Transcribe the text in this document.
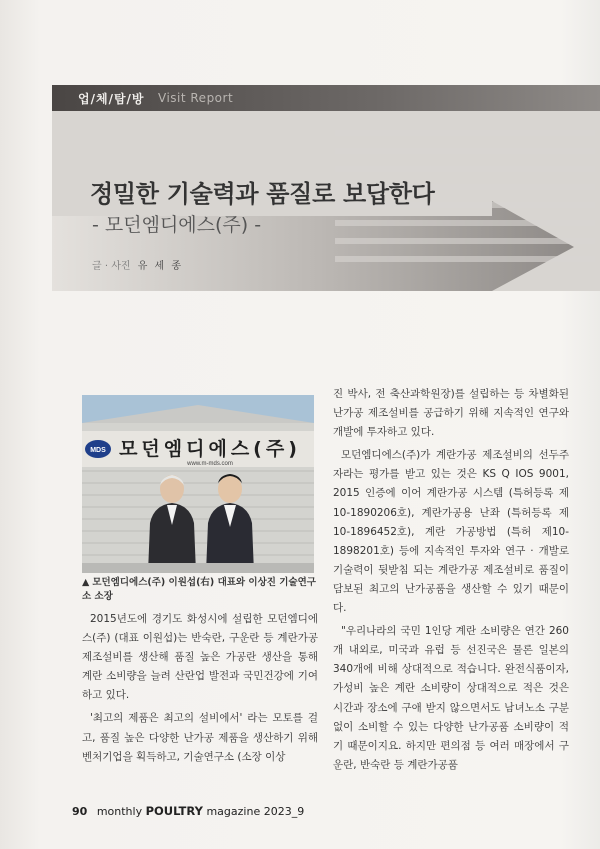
업/체/탐/방 Visit Report
정밀한 기술력과 품질로 보답한다
- 모던엠디에스(주) -
글 · 사진 유 세 종
MDS 모던엠디에스(주)
www.m-mds.com
▲ 모던엠디에스(주) 이원섭(右) 대표와 이상진 기술연구소 소장

2015년도에 경기도 화성시에 설립한 모던엠디에스(주) (대표 이원섭)는 반숙란, 구운란 등 계란가공 제조설비를 생산해 품질 높은 가공란 생산을 통해 계란 소비량을 늘려 산란업 발전과 국민건강에 기여하고 있다.

'최고의 제품은 최고의 설비에서' 라는 모토를 걸고, 품질 높은 다양한 난가공 제품을 생산하기 위해 벤처기업을 획득하고, 기술연구소 (소장 이상

진 박사, 전 축산과학원장)를 설립하는 등 차별화된 난가공 제조설비를 공급하기 위해 지속적인 연구와 개발에 투자하고 있다.

모던엠디에스(주)가 계란가공 제조설비의 선두주자라는 평가를 받고 있는 것은 KS Q IOS 9001, 2015 인증에 이어 계란가공 시스템 (특허등록 제10-1890206호), 계란가공용 난좌 (특허등록 제10-1896452호), 계란 가공방법 (특허 제10-1898201호) 등에 지속적인 투자와 연구 · 개발로 기술력이 뒷받침 되는 계란가공 제조설비로 품질이 담보된 최고의 난가공품을 생산할 수 있기 때문이다.

"우리나라의 국민 1인당 계란 소비량은 연간 260개 내외로, 미국과 유럽 등 선진국은 물론 일본의 340개에 비해 상대적으로 적습니다. 완전식품이자, 가성비 높은 계란 소비량이 상대적으로 적은 것은 시간과 장소에 구애 받지 않으면서도 남녀노소 구분 없이 소비할 수 있는 다양한 난가공품 소비량이 적기 때문이지요. 하지만 편의점 등 여러 매장에서 구운란, 반숙란 등 계란가공품

90 monthly POULTRY magazine 2023_9
